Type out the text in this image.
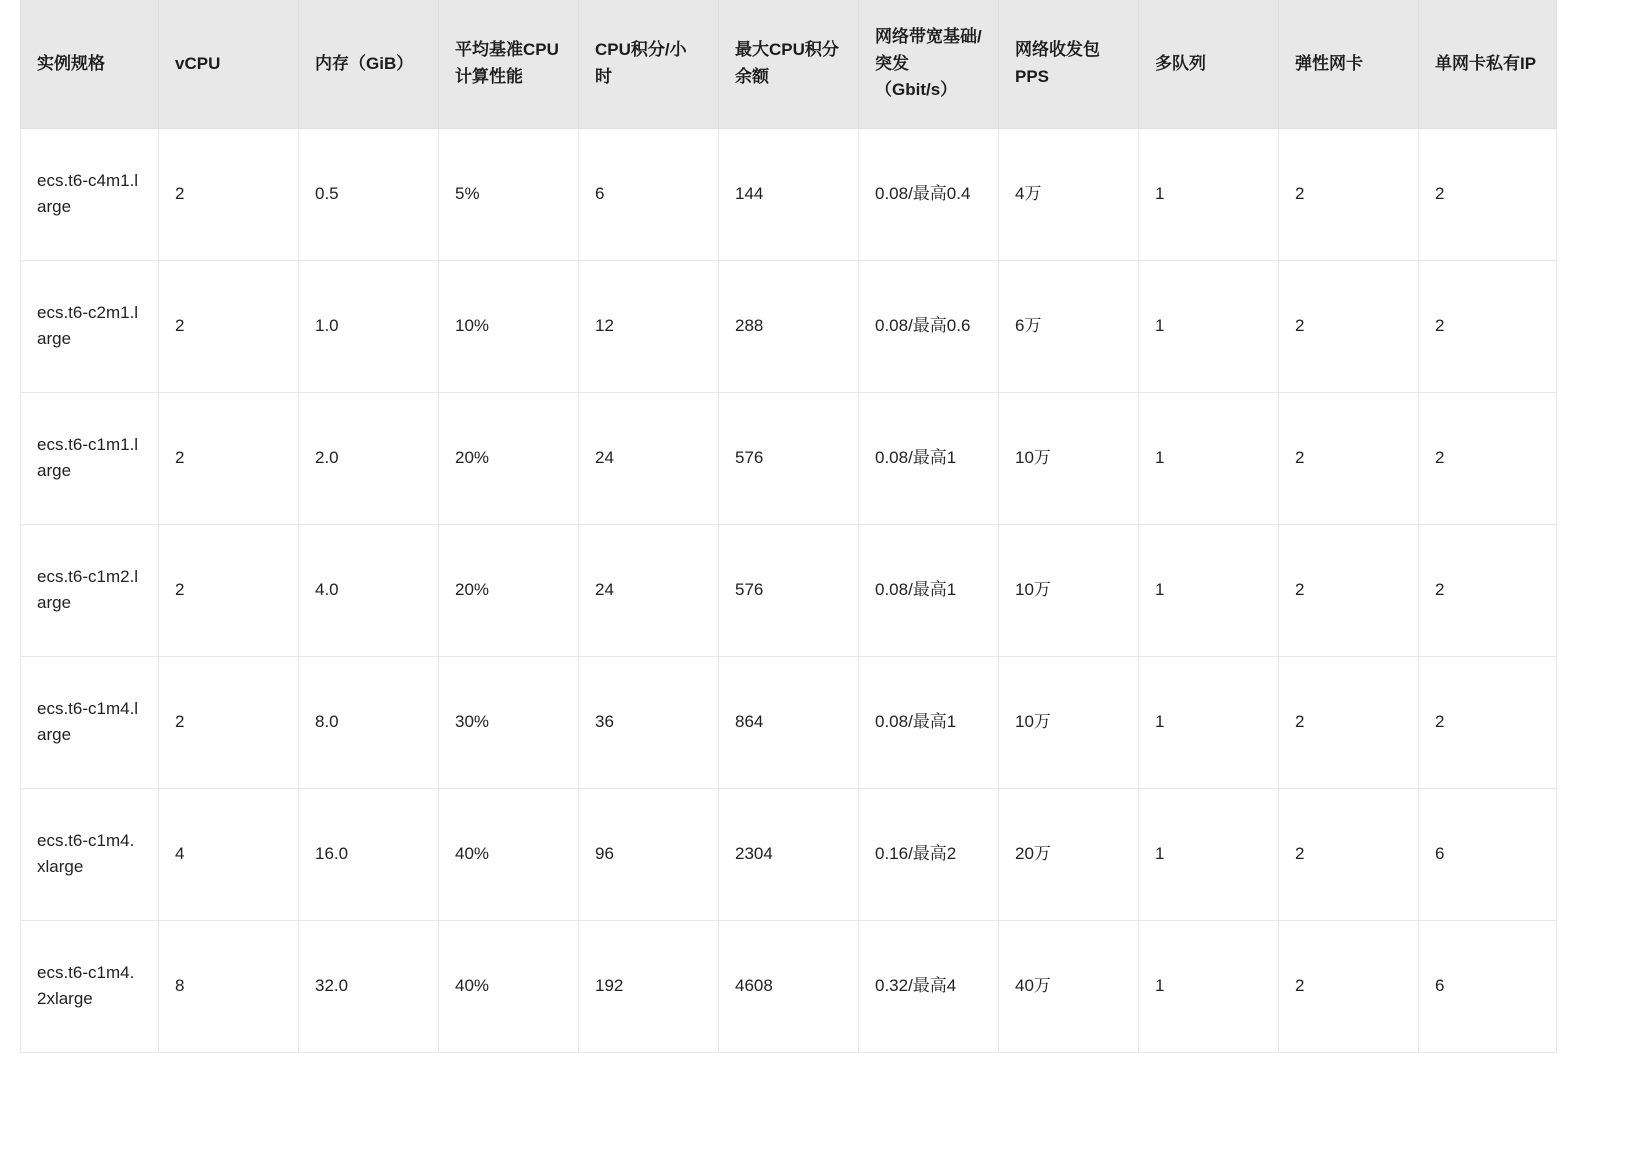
实例规格	vCPU	内存（GiB）	平均基准CPU计算性能	CPU积分/小时	最大CPU积分余额	网络带宽基础/突发（Gbit/s）	网络收发包PPS	多队列	弹性网卡	单网卡私有IP
ecs.t6-c4m1.large	2	0.5	5%	6	144	0.08/最高0.4	4万	1	2	2
ecs.t6-c2m1.large	2	1.0	10%	12	288	0.08/最高0.6	6万	1	2	2
ecs.t6-c1m1.large	2	2.0	20%	24	576	0.08/最高1	10万	1	2	2
ecs.t6-c1m2.large	2	4.0	20%	24	576	0.08/最高1	10万	1	2	2
ecs.t6-c1m4.large	2	8.0	30%	36	864	0.08/最高1	10万	1	2	2
ecs.t6-c1m4.xlarge	4	16.0	40%	96	2304	0.16/最高2	20万	1	2	6
ecs.t6-c1m4.2xlarge	8	32.0	40%	192	4608	0.32/最高4	40万	1	2	6
